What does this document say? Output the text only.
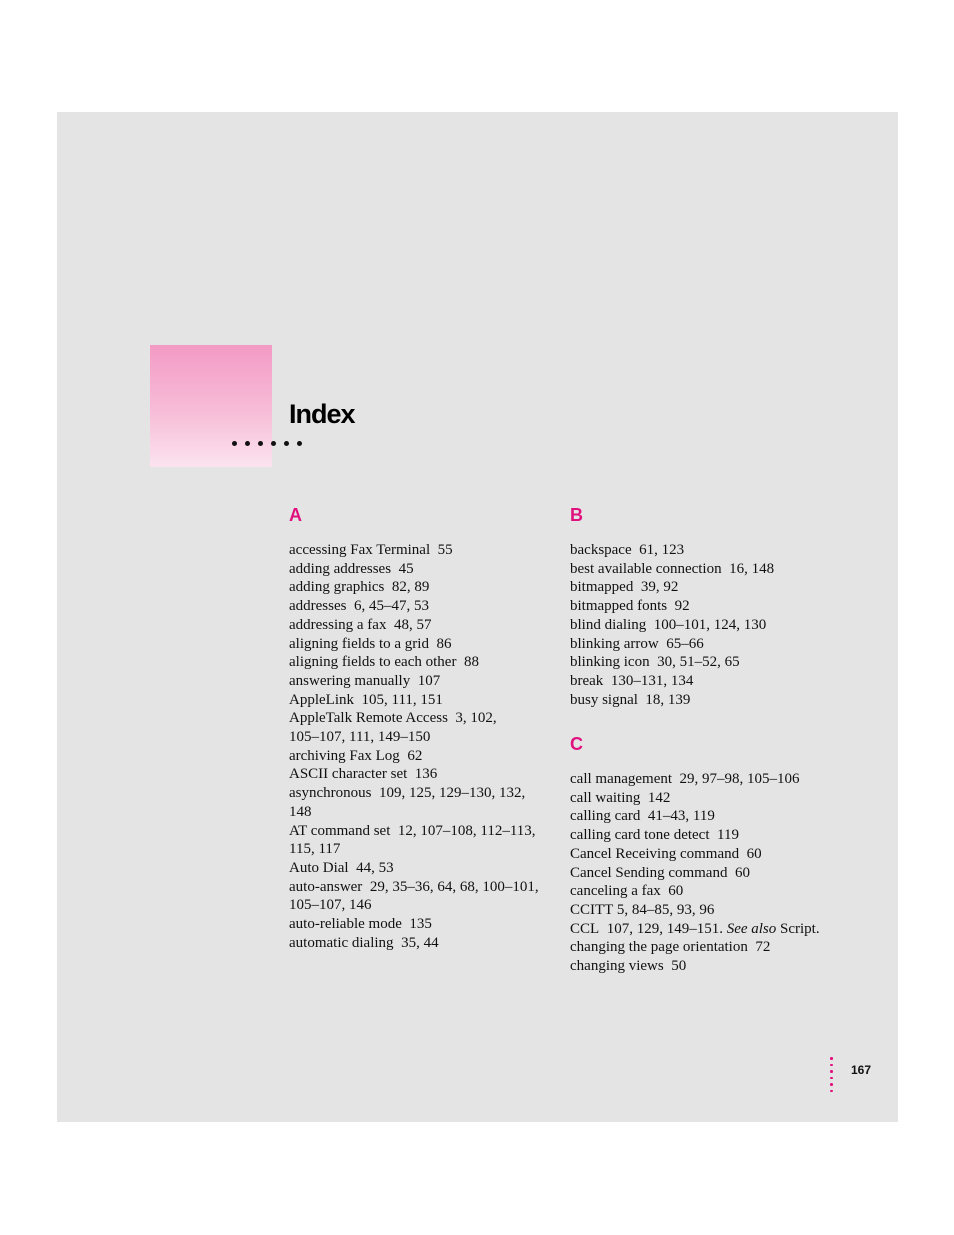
Index
A
accessing Fax Terminal 55
adding addresses 45
adding graphics 82, 89
addresses 6, 45–47, 53
addressing a fax 48, 57
aligning fields to a grid 86
aligning fields to each other 88
answering manually 107
AppleLink 105, 111, 151
AppleTalk Remote Access 3, 102,
105–107, 111, 149–150
archiving Fax Log 62
ASCII character set 136
asynchronous 109, 125, 129–130, 132,
148
AT command set 12, 107–108, 112–113,
115, 117
Auto Dial 44, 53
auto-answer 29, 35–36, 64, 68, 100–101,
105–107, 146
auto-reliable mode 135
automatic dialing 35, 44
B
backspace 61, 123
best available connection 16, 148
bitmapped 39, 92
bitmapped fonts 92
blind dialing 100–101, 124, 130
blinking arrow 65–66
blinking icon 30, 51–52, 65
break 130–131, 134
busy signal 18, 139
C
call management 29, 97–98, 105–106
call waiting 142
calling card 41–43, 119
calling card tone detect 119
Cancel Receiving command 60
Cancel Sending command 60
canceling a fax 60
CCITT 5, 84–85, 93, 96
CCL 107, 129, 149–151. See also Script.
changing the page orientation 72
changing views 50

167
